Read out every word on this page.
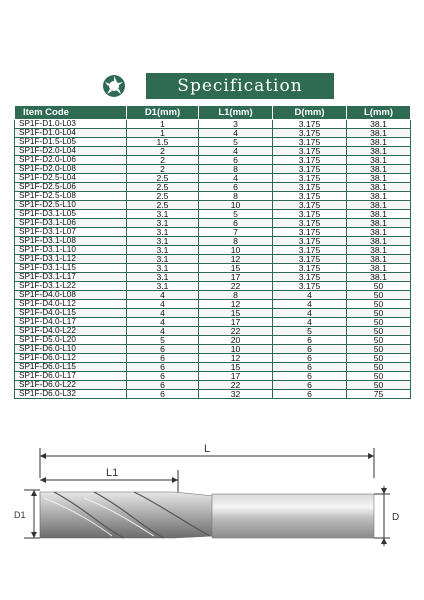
Specification
Item Code	D1(mm)	L1(mm)	D(mm)	L(mm)
SP1F-D1.0-L03	1	3	3.175	38.1
SP1F-D1.0-L04	1	4	3.175	38.1
SP1F-D1.5-L05	1.5	5	3.175	38.1
SP1F-D2.0-L04	2	4	3.175	38.1
SP1F-D2.0-L06	2	6	3.175	38.1
SP1F-D2.0-L08	2	8	3.175	38.1
SP1F-D2.5-L04	2.5	4	3.175	38.1
SP1F-D2.5-L06	2.5	6	3.175	38.1
SP1F-D2.5-L08	2.5	8	3.175	38.1
SP1F-D2.5-L10	2.5	10	3.175	38.1
SP1F-D3.1-L05	3.1	5	3.175	38.1
SP1F-D3.1-L06	3.1	6	3.175	38.1
SP1F-D3.1-L07	3.1	7	3.175	38.1
SP1F-D3.1-L08	3.1	8	3.175	38.1
SP1F-D3.1-L10	3.1	10	3.175	38.1
SP1F-D3.1-L12	3.1	12	3.175	38.1
SP1F-D3.1-L15	3.1	15	3.175	38.1
SP1F-D3.1-L17	3.1	17	3.175	38.1
SP1F-D3.1-L22	3.1	22	3.175	50
SP1F-D4.0-L08	4	8	4	50
SP1F-D4.0-L12	4	12	4	50
SP1F-D4.0-L15	4	15	4	50
SP1F-D4.0-L17	4	17	4	50
SP1F-D4.0-L22	4	22	5	50
SP1F-D5.0-L20	5	20	6	50
SP1F-D6.0-L10	6	10	6	50
SP1F-D6.0-L12	6	12	6	50
SP1F-D6.0-L15	6	15	6	50
SP1F-D6.0-L17	6	17	6	50
SP1F-D6.0-L22	6	22	6	50
SP1F-D6.0-L32	6	32	6	75
L
L1
D1	D
